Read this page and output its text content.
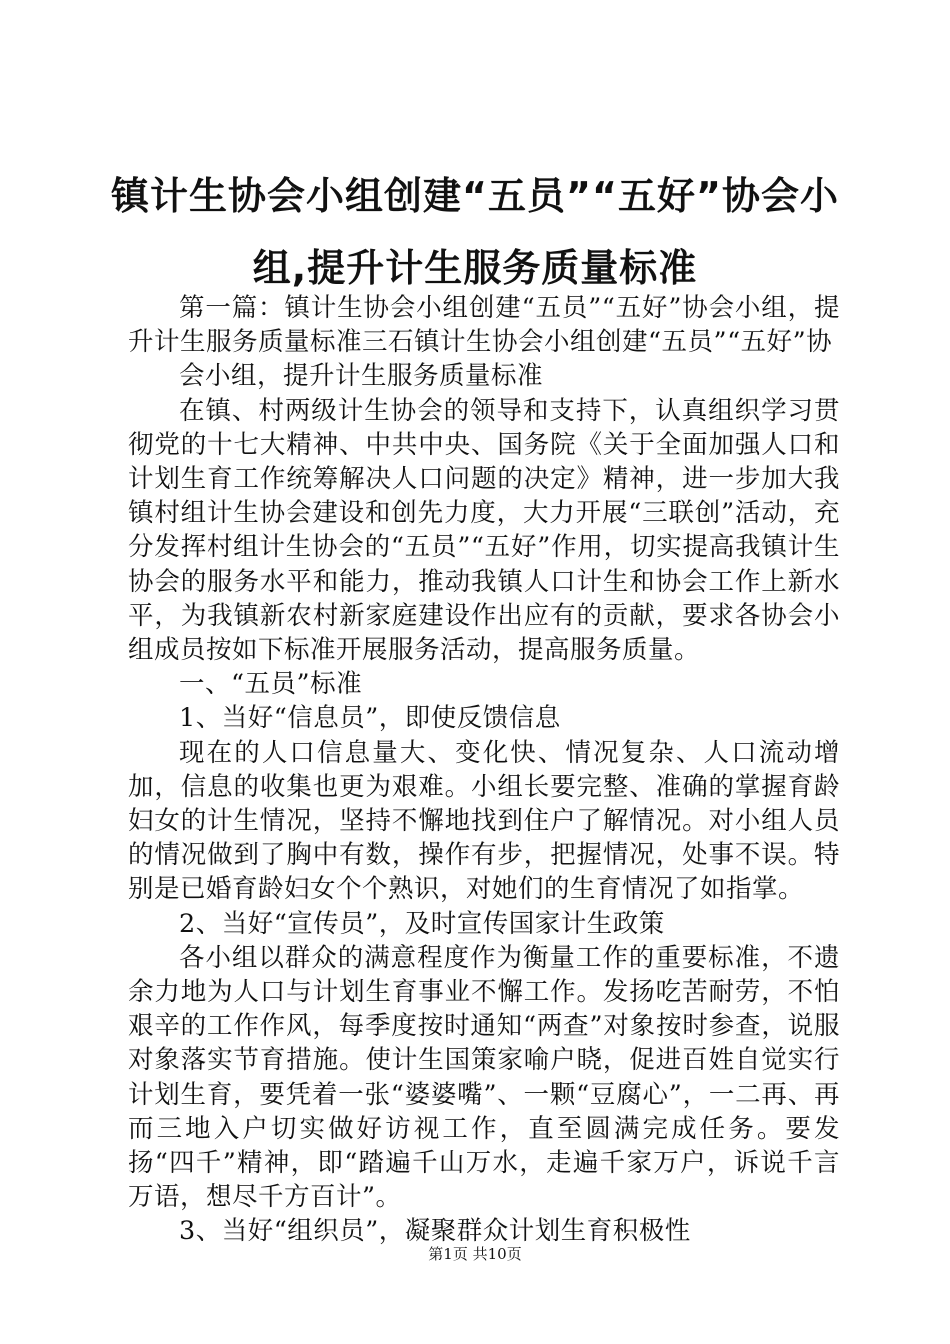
镇计生协会小组创建“五员”“五好”协会小
组,提升计生服务质量标准

第一篇：镇计生协会小组创建“五员”“五好”协会小组，提升计生服务质量标准三石镇计生协会小组创建“五员”“五好”协

会小组，提升计生服务质量标准

在镇、村两级计生协会的领导和支持下，认真组织学习贯彻党的十七大精神、中共中央、国务院《关于全面加强人口和计划生育工作统筹解决人口问题的决定》精神，进一步加大我镇村组计生协会建设和创先力度，大力开展“三联创”活动，充分发挥村组计生协会的“五员”“五好”作用，切实提高我镇计生协会的服务水平和能力，推动我镇人口计生和协会工作上新水平，为我镇新农村新家庭建设作出应有的贡献，要求各协会小组成员按如下标准开展服务活动，提高服务质量。

一、“五员”标准

1、当好“信息员”，即使反馈信息

现在的人口信息量大、变化快、情况复杂、人口流动增加，信息的收集也更为艰难。小组长要完整、准确的掌握育龄妇女的计生情况，坚持不懈地找到住户了解情况。对小组人员的情况做到了胸中有数，操作有步，把握情况，处事不误。特别是已婚育龄妇女个个熟识，对她们的生育情况了如指掌。

2、当好“宣传员”，及时宣传国家计生政策

各小组以群众的满意程度作为衡量工作的重要标准，不遗余力地为人口与计划生育事业不懈工作。发扬吃苦耐劳，不怕艰辛的工作作风，每季度按时通知“两查”对象按时参查，说服对象落实节育措施。使计生国策家喻户晓，促进百姓自觉实行计划生育，要凭着一张“婆婆嘴”、一颗“豆腐心”，一二再、再而三地入户切实做好访视工作，直至圆满完成任务。要发扬“四千”精神，即“踏遍千山万水，走遍千家万户，诉说千言万语，想尽千方百计”。

3、当好“组织员”，凝聚群众计划生育积极性

第1页 共10页
